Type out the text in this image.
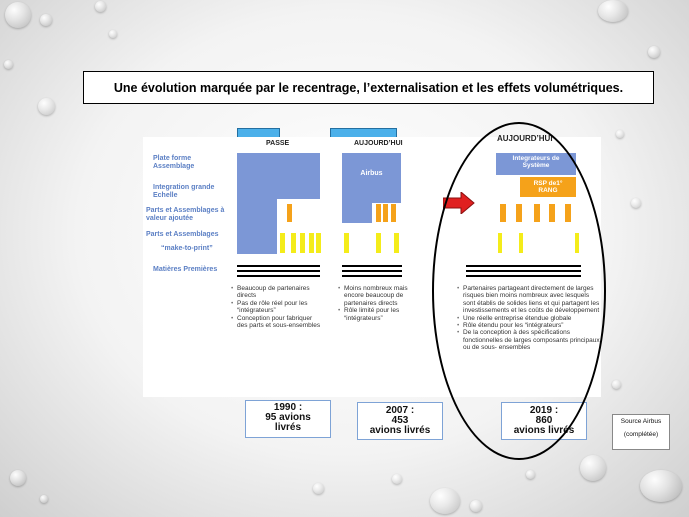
Une évolution marquée par le recentrage, l’externalisation et les effets volumétriques.
PASSE	AUJOURD’HUI
AUJOURD’HUI
Plate forme Assemblage
Integration grande Echelle
Parts et Assemblages à valeur ajoutée
Parts et Assemblages
“make-to-print”
Matières Premières
Airbus
Integrateurs de Système
RSP de1° RANG
• Beaucoup de partenaires directs
• Pas de rôle réel pour les “intégrateurs”
• Conception pour fabriquer des parts et sous-ensembles
• Moins nombreux mais encore beaucoup de partenaires directs
• Rôle limité pour les “intégrateurs”
• Partenaires partageant directement de larges risques bien moins nombreux avec lesquels sont établis de solides liens et qui partagent les investissements et les coûts de développement
• Une réelle entreprise étendue globale
• Rôle étendu pour les “intégrateurs”
• De la conception à des spécifications fonctionnelles de larges composants principaux ou de sous- ensembles
1990 :
95 avions
livrés
2007 :
453
avions livrés
2019 :
860
avions livrés
Source Airbus
(complétée)
